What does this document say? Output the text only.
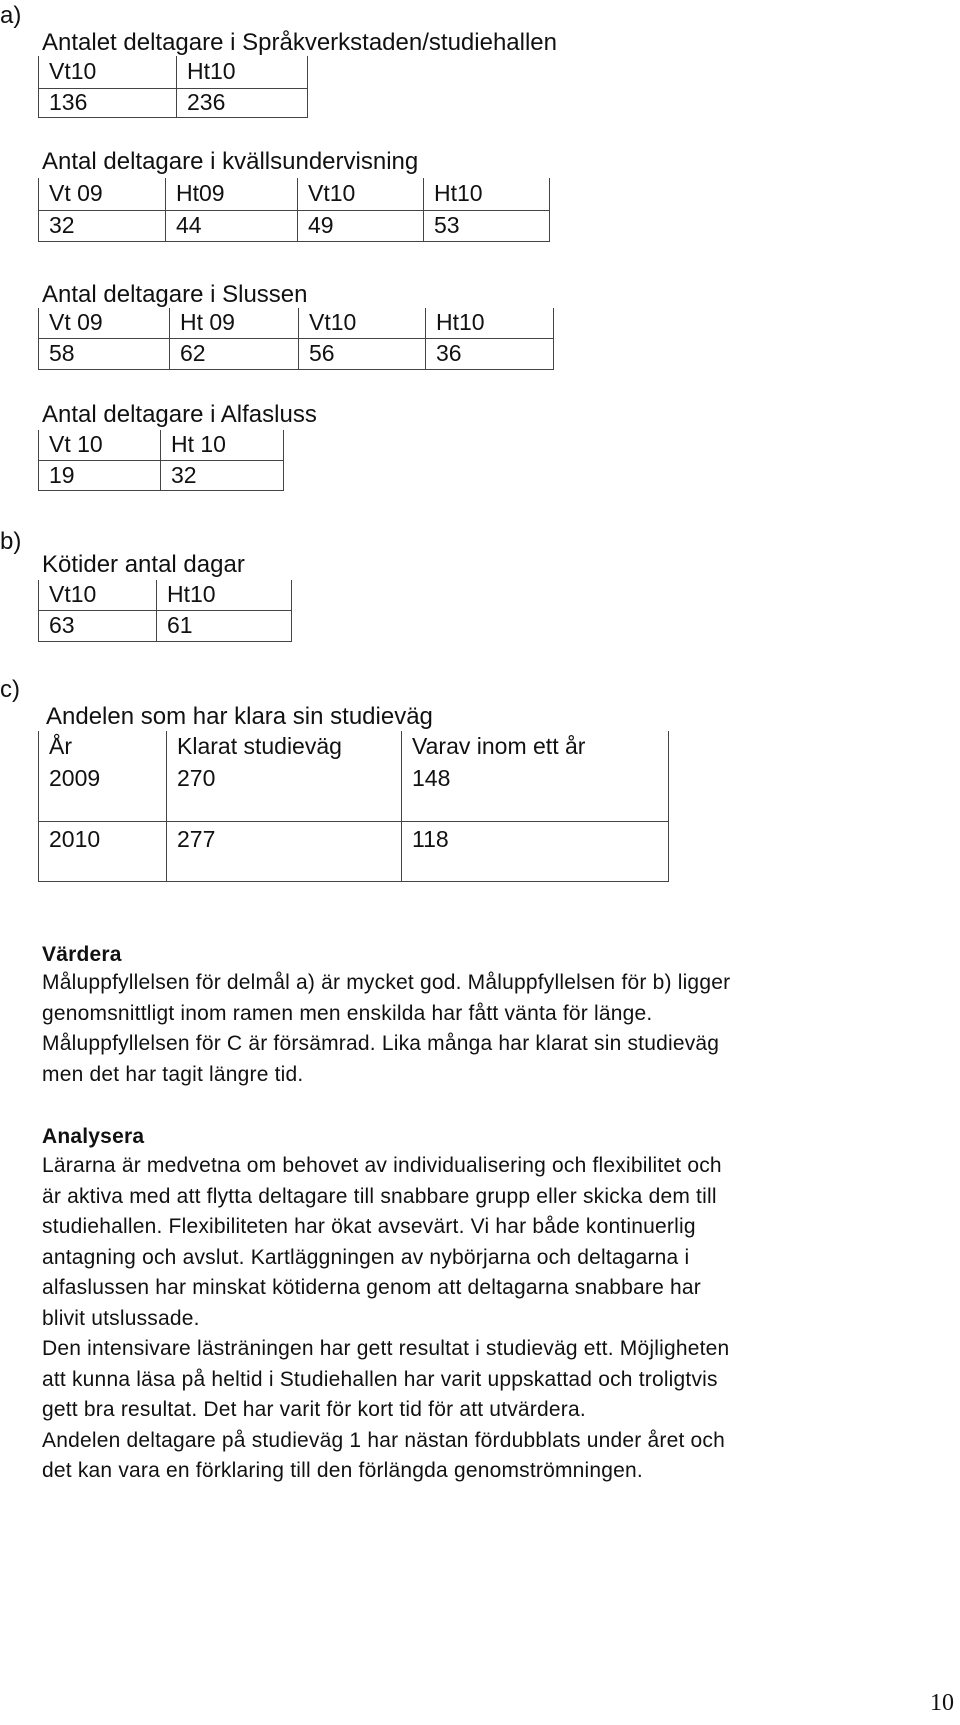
a)
b)
c)
Antalet deltagare i Språkverkstaden/studiehallen
Vt10	Ht10
136	236
Antal deltagare i kvällsundervisning
Vt 09	Ht09	Vt10	Ht10
32	44	49	53
Antal deltagare i Slussen
Vt 09	Ht 09	Vt10	Ht10
58	62	56	36
Antal deltagare i Alfasluss
Vt 10	Ht 10
19	32
Kötider antal dagar
Vt10	Ht10
63	61
Andelen som har klara sin studieväg
År	Klarat studieväg	Varav inom ett år
2009	270	148
2010	277	118
Värdera
Måluppfyllelsen för delmål a) är mycket god. Måluppfyllelsen för b) ligger
genomsnittligt inom ramen men enskilda har fått vänta för länge.
Måluppfyllelsen för C är försämrad. Lika många har klarat sin studieväg
men det har tagit längre tid.
Analysera
Lärarna är medvetna om behovet av individualisering och flexibilitet och
är aktiva med att flytta deltagare till snabbare grupp eller skicka dem till
studiehallen. Flexibiliteten har ökat avsevärt. Vi har både kontinuerlig
antagning och avslut. Kartläggningen av nybörjarna och deltagarna i
alfaslussen har minskat kötiderna genom att deltagarna snabbare har
blivit utslussade.
Den intensivare lästräningen har gett resultat i studieväg ett. Möjligheten
att kunna läsa på heltid i Studiehallen har varit uppskattad och troligtvis
gett bra resultat. Det har varit för kort tid för att utvärdera.
Andelen deltagare på studieväg 1 har nästan fördubblats under året och
det kan vara en förklaring till den förlängda genomströmningen.
10
